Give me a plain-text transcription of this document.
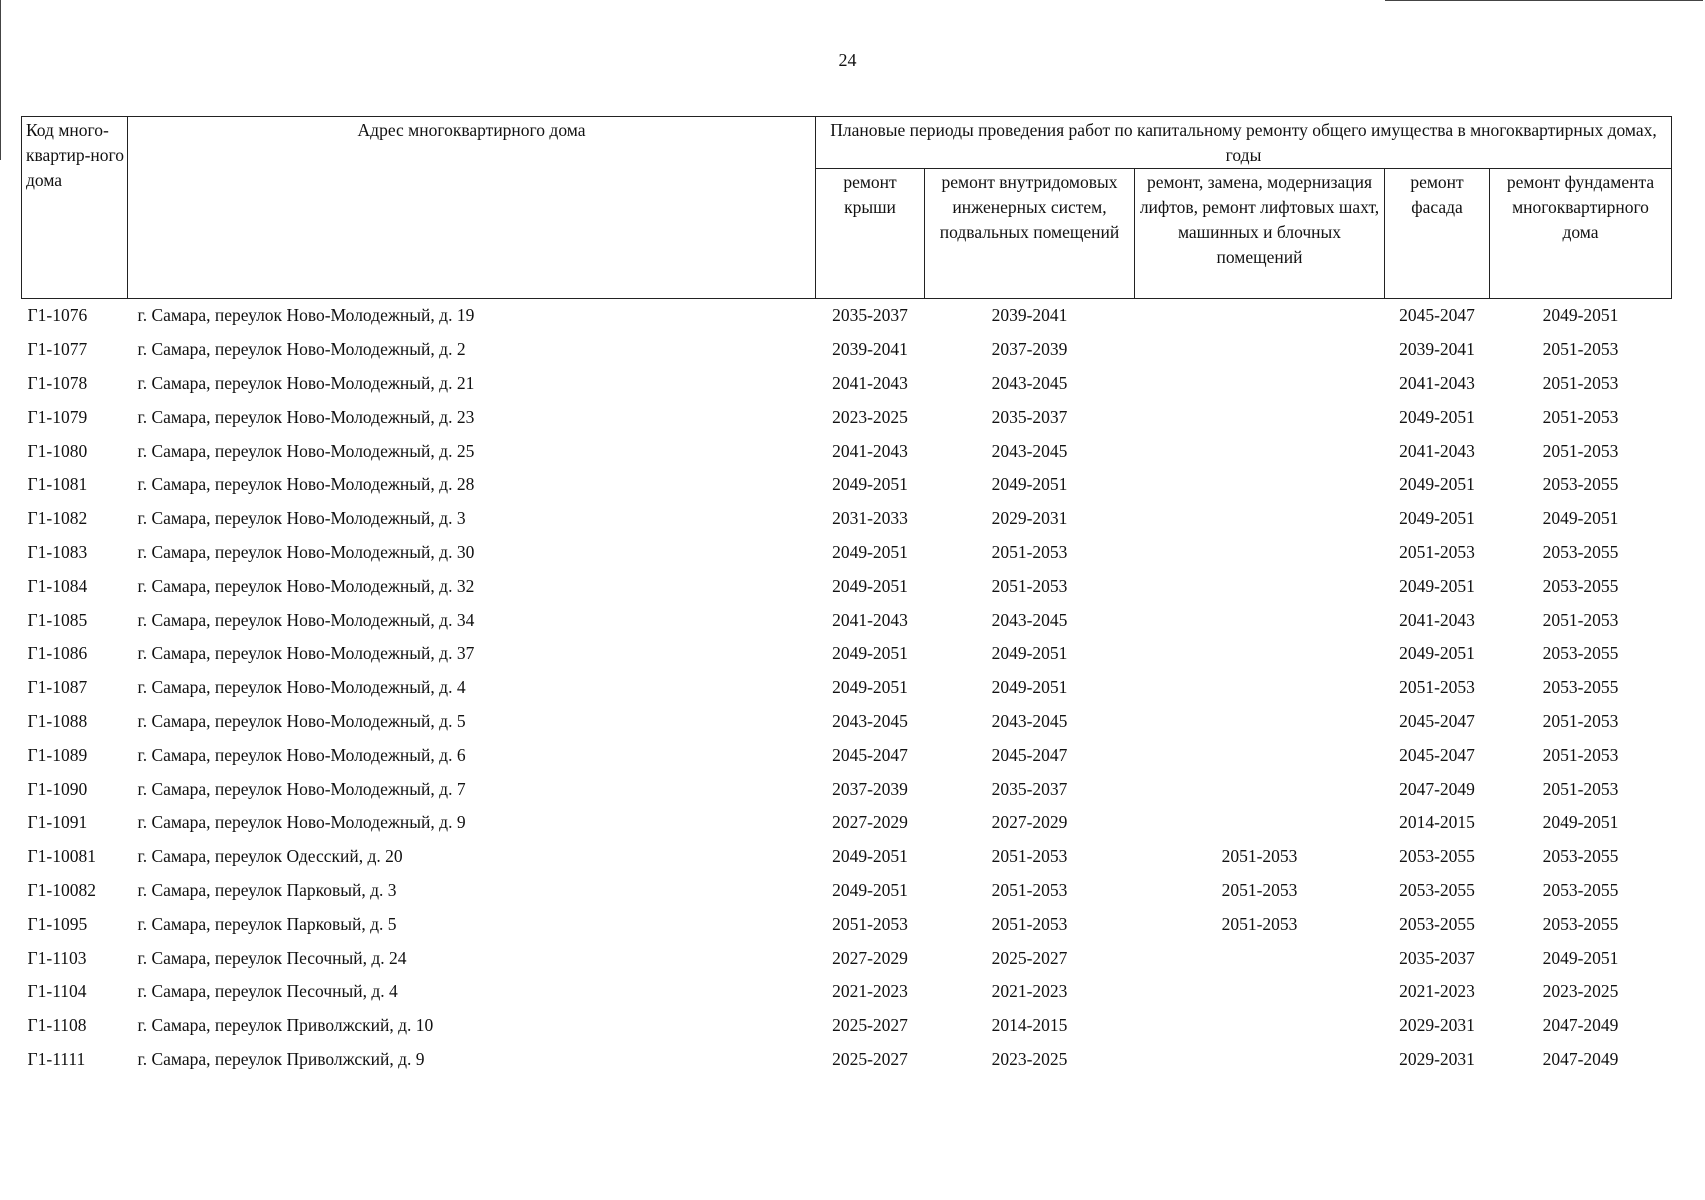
24
Код много-квартир-ного дома	Адрес многоквартирного дома	Плановые периоды проведения работ по капитальному ремонту общего имущества в многоквартирных домах, годы				
		ремонт крыши	ремонт внутридомовых инженерных систем, подвальных помещений	ремонт, замена, модернизация лифтов, ремонт лифтовых шахт, машинных и блочных помещений	ремонт фасада	ремонт фундамента многоквартирного дома
Г1-1076	г. Самара, переулок Ново-Молодежный, д. 19	2035-2037	2039-2041		2045-2047	2049-2051
Г1-1077	г. Самара, переулок Ново-Молодежный, д. 2	2039-2041	2037-2039		2039-2041	2051-2053
Г1-1078	г. Самара, переулок Ново-Молодежный, д. 21	2041-2043	2043-2045		2041-2043	2051-2053
Г1-1079	г. Самара, переулок Ново-Молодежный, д. 23	2023-2025	2035-2037		2049-2051	2051-2053
Г1-1080	г. Самара, переулок Ново-Молодежный, д. 25	2041-2043	2043-2045		2041-2043	2051-2053
Г1-1081	г. Самара, переулок Ново-Молодежный, д. 28	2049-2051	2049-2051		2049-2051	2053-2055
Г1-1082	г. Самара, переулок Ново-Молодежный, д. 3	2031-2033	2029-2031		2049-2051	2049-2051
Г1-1083	г. Самара, переулок Ново-Молодежный, д. 30	2049-2051	2051-2053		2051-2053	2053-2055
Г1-1084	г. Самара, переулок Ново-Молодежный, д. 32	2049-2051	2051-2053		2049-2051	2053-2055
Г1-1085	г. Самара, переулок Ново-Молодежный, д. 34	2041-2043	2043-2045		2041-2043	2051-2053
Г1-1086	г. Самара, переулок Ново-Молодежный, д. 37	2049-2051	2049-2051		2049-2051	2053-2055
Г1-1087	г. Самара, переулок Ново-Молодежный, д. 4	2049-2051	2049-2051		2051-2053	2053-2055
Г1-1088	г. Самара, переулок Ново-Молодежный, д. 5	2043-2045	2043-2045		2045-2047	2051-2053
Г1-1089	г. Самара, переулок Ново-Молодежный, д. 6	2045-2047	2045-2047		2045-2047	2051-2053
Г1-1090	г. Самара, переулок Ново-Молодежный, д. 7	2037-2039	2035-2037		2047-2049	2051-2053
Г1-1091	г. Самара, переулок Ново-Молодежный, д. 9	2027-2029	2027-2029		2014-2015	2049-2051
Г1-10081	г. Самара, переулок Одесский, д. 20	2049-2051	2051-2053	2051-2053	2053-2055	2053-2055
Г1-10082	г. Самара, переулок Парковый, д. 3	2049-2051	2051-2053	2051-2053	2053-2055	2053-2055
Г1-1095	г. Самара, переулок Парковый, д. 5	2051-2053	2051-2053	2051-2053	2053-2055	2053-2055
Г1-1103	г. Самара, переулок Песочный, д. 24	2027-2029	2025-2027		2035-2037	2049-2051
Г1-1104	г. Самара, переулок Песочный, д. 4	2021-2023	2021-2023		2021-2023	2023-2025
Г1-1108	г. Самара, переулок Приволжский, д. 10	2025-2027	2014-2015		2029-2031	2047-2049
Г1-1111	г. Самара, переулок Приволжский, д. 9	2025-2027	2023-2025		2029-2031	2047-2049
